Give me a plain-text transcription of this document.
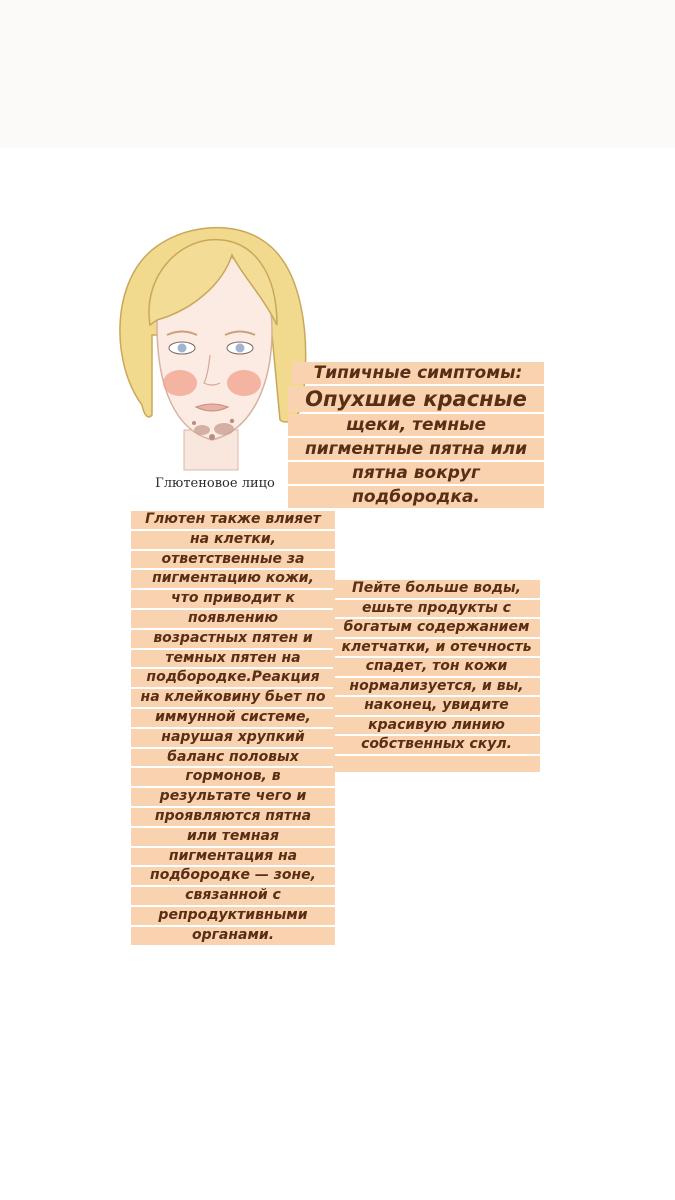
Глютеновое лицо
Типичные симптомы:
Опухшие красные
щеки, темные
пигментные пятна или
пятна вокруг
подбородка.
Глютен также влияет
на клетки,
ответственные за
пигментацию кожи,
что приводит к
появлению
возрастных пятен и
темных пятен на
подбородке.Реакция
на клейковину бьет по
иммунной системе,
нарушая хрупкий
баланс половых
гормонов, в
результате чего и
проявляются пятна
или темная
пигментация на
подбородке — зоне,
связанной с
репродуктивными
органами.
Пейте больше воды,
ешьте продукты с
богатым содержанием
клетчатки, и отечность
спадет, тон кожи
нормализуется, и вы,
наконец, увидите
красивую линию
собственных скул.
